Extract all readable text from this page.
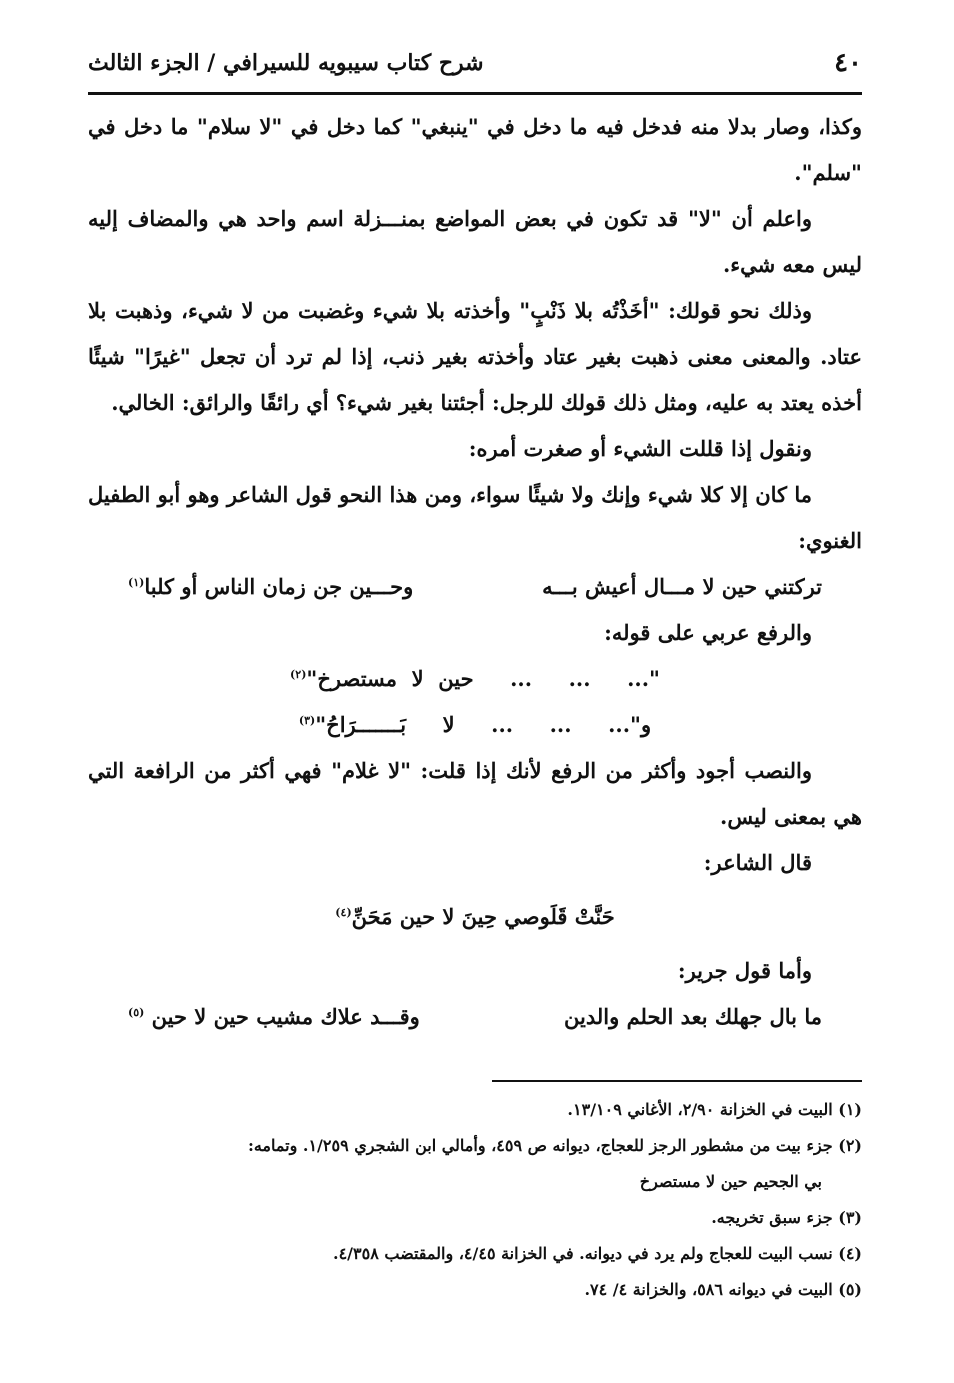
٤٠
شرح كتاب سيبويه للسيرافي / الجزء الثالث

وكذا، وصار بدلا منه فدخل فيه ما دخل في "ينبغي" كما دخل في "لا سلام" ما دخل في "سلم".

واعلم أن "لا" قد تكون في بعض المواضع بمنـــزلة اسم واحد هي والمضاف إليه ليس معه شيء.

وذلك نحو قولك: "أخَذْتُه بلا ذَنْبٍ" وأخذته بلا شيء وغضبت من لا شيء، وذهبت بلا عتاد. والمعنى معنى ذهبت بغير عتاد وأخذته بغير ذنب، إذا لم ترد أن تجعل "غيرًا" شيئًا أخذه يعتد به عليه، ومثل ذلك قولك للرجل: أجئتنا بغير شيء؟ أي رائقًا والرائق: الخالي.

ونقول إذا قللت الشيء أو صغرت أمره:

ما كان إلا كلا شيء وإنك ولا شيئًا سواء، ومن هذا النحو قول الشاعر وهو أبو الطفيل الغنوي:

تركتني حين لا مـــال أعيش بـــه
وحـــين جن زمان الناس أو كلبا$^{(١)}$

والرفع عربي على قوله:

"...     ...     ...     حين  لا  مستصرخ"$^{(٢)}$
و"...     ...     ...     لا     بَـــــــرَاحُ"$^{(٣)}$

والنصب أجود وأكثر من الرفع لأنك إذا قلت: "لا غلام" فهي أكثر من الرافعة التي هي بمعنى ليس.

قال الشاعر:

حَنَّتْ قَلَوصي حِينَ لا حين مَحَنِّ$^{(٤)}$

وأما قول جرير:

ما بال جهلك بعد الحلم والدين
وقـــد علاك مشيب حين لا حين $^{(٥)}$

(١) البيت في الخزانة ٢/٩٠، الأغاني ١٣/١٠٩.

(٢) جزء بيت من مشطور الرجز للعجاج، ديوانه ص ٤٥٩، وأمالي ابن الشجري ١/٢٥٩. وتمامه:

بي الجحيم حين لا مستصرخ

(٣) جزء سبق تخريجه.

(٤) نسب البيت للعجاج ولم يرد في ديوانه. في الخزانة ٤/٤٥، والمقتضب ٤/٣٥٨.

(٥) البيت في ديوانه ٥٨٦، والخزانة ٤/ ٧٤.
